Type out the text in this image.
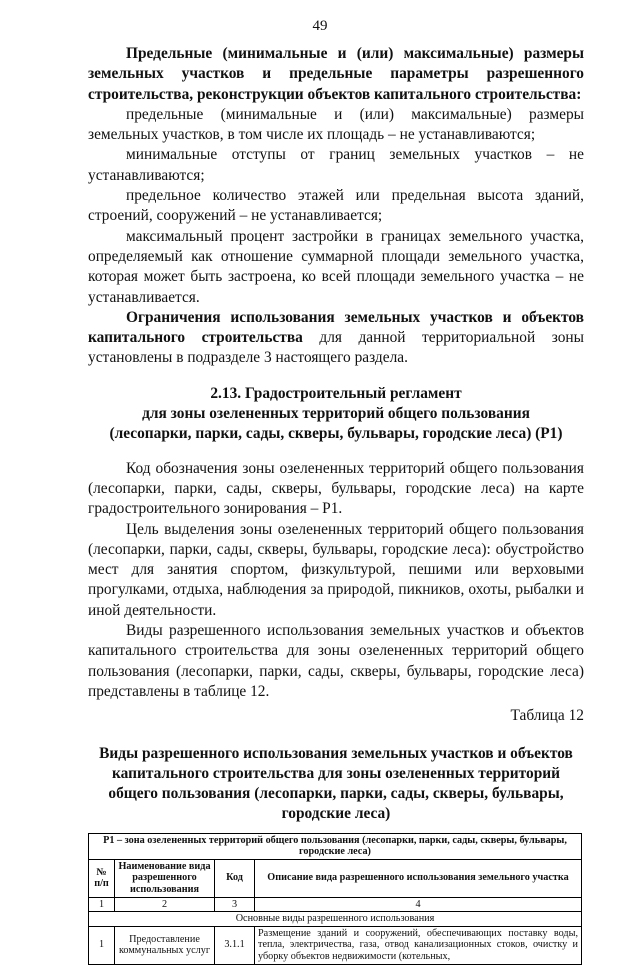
49

Предельные (минимальные и (или) максимальные) размеры земельных участков и предельные параметры разрешенного строительства, реконструкции объектов капитального строительства:

предельные (минимальные и (или) максимальные) размеры земельных участков, в том числе их площадь – не устанавливаются;

минимальные отступы от границ земельных участков – не устанавливаются;

предельное количество этажей или предельная высота зданий, строений, сооружений – не устанавливается;

максимальный процент застройки в границах земельного участка, определяемый как отношение суммарной площади земельного участка, которая может быть застроена, ко всей площади земельного участка – не устанавливается.

Ограничения использования земельных участков и объектов капитального строительства для данной территориальной зоны установлены в подразделе 3 настоящего раздела.

2.13. Градостроительный регламент
для зоны озелененных территорий общего пользования
(лесопарки, парки, сады, скверы, бульвары, городские леса) (Р1)

Код обозначения зоны озелененных территорий общего пользования (лесопарки, парки, сады, скверы, бульвары, городские леса) на карте градостроительного зонирования – Р1.

Цель выделения зоны озелененных территорий общего пользования (лесопарки, парки, сады, скверы, бульвары, городские леса): обустройство мест для занятия спортом, физкультурой, пешими или верховыми прогулками, отдыха, наблюдения за природой, пикников, охоты, рыбалки и иной деятельности.

Виды разрешенного использования земельных участков и объектов капитального строительства для зоны озелененных территорий общего пользования (лесопарки, парки, сады, скверы, бульвары, городские леса) представлены в таблице 12.

Таблица 12

Виды разрешенного использования земельных участков и объектов капитального строительства для зоны озелененных территорий общего пользования (лесопарки, парки, сады, скверы, бульвары, городские леса)

Р1 – зона озелененных территорий общего пользования (лесопарки, парки, сады, скверы, бульвары, городские леса)			
№ п/п	Наименование вида разрешенного использования	Код	Описание вида разрешенного использования земельного участка
1	2	3	4
Основные виды разрешенного использования			
1	Предоставление коммунальных услуг	3.1.1	Размещение зданий и сооружений, обеспечивающих поставку воды, тепла, электричества, газа, отвод канализационных стоков, очистку и уборку объектов недвижимости (котельных,
